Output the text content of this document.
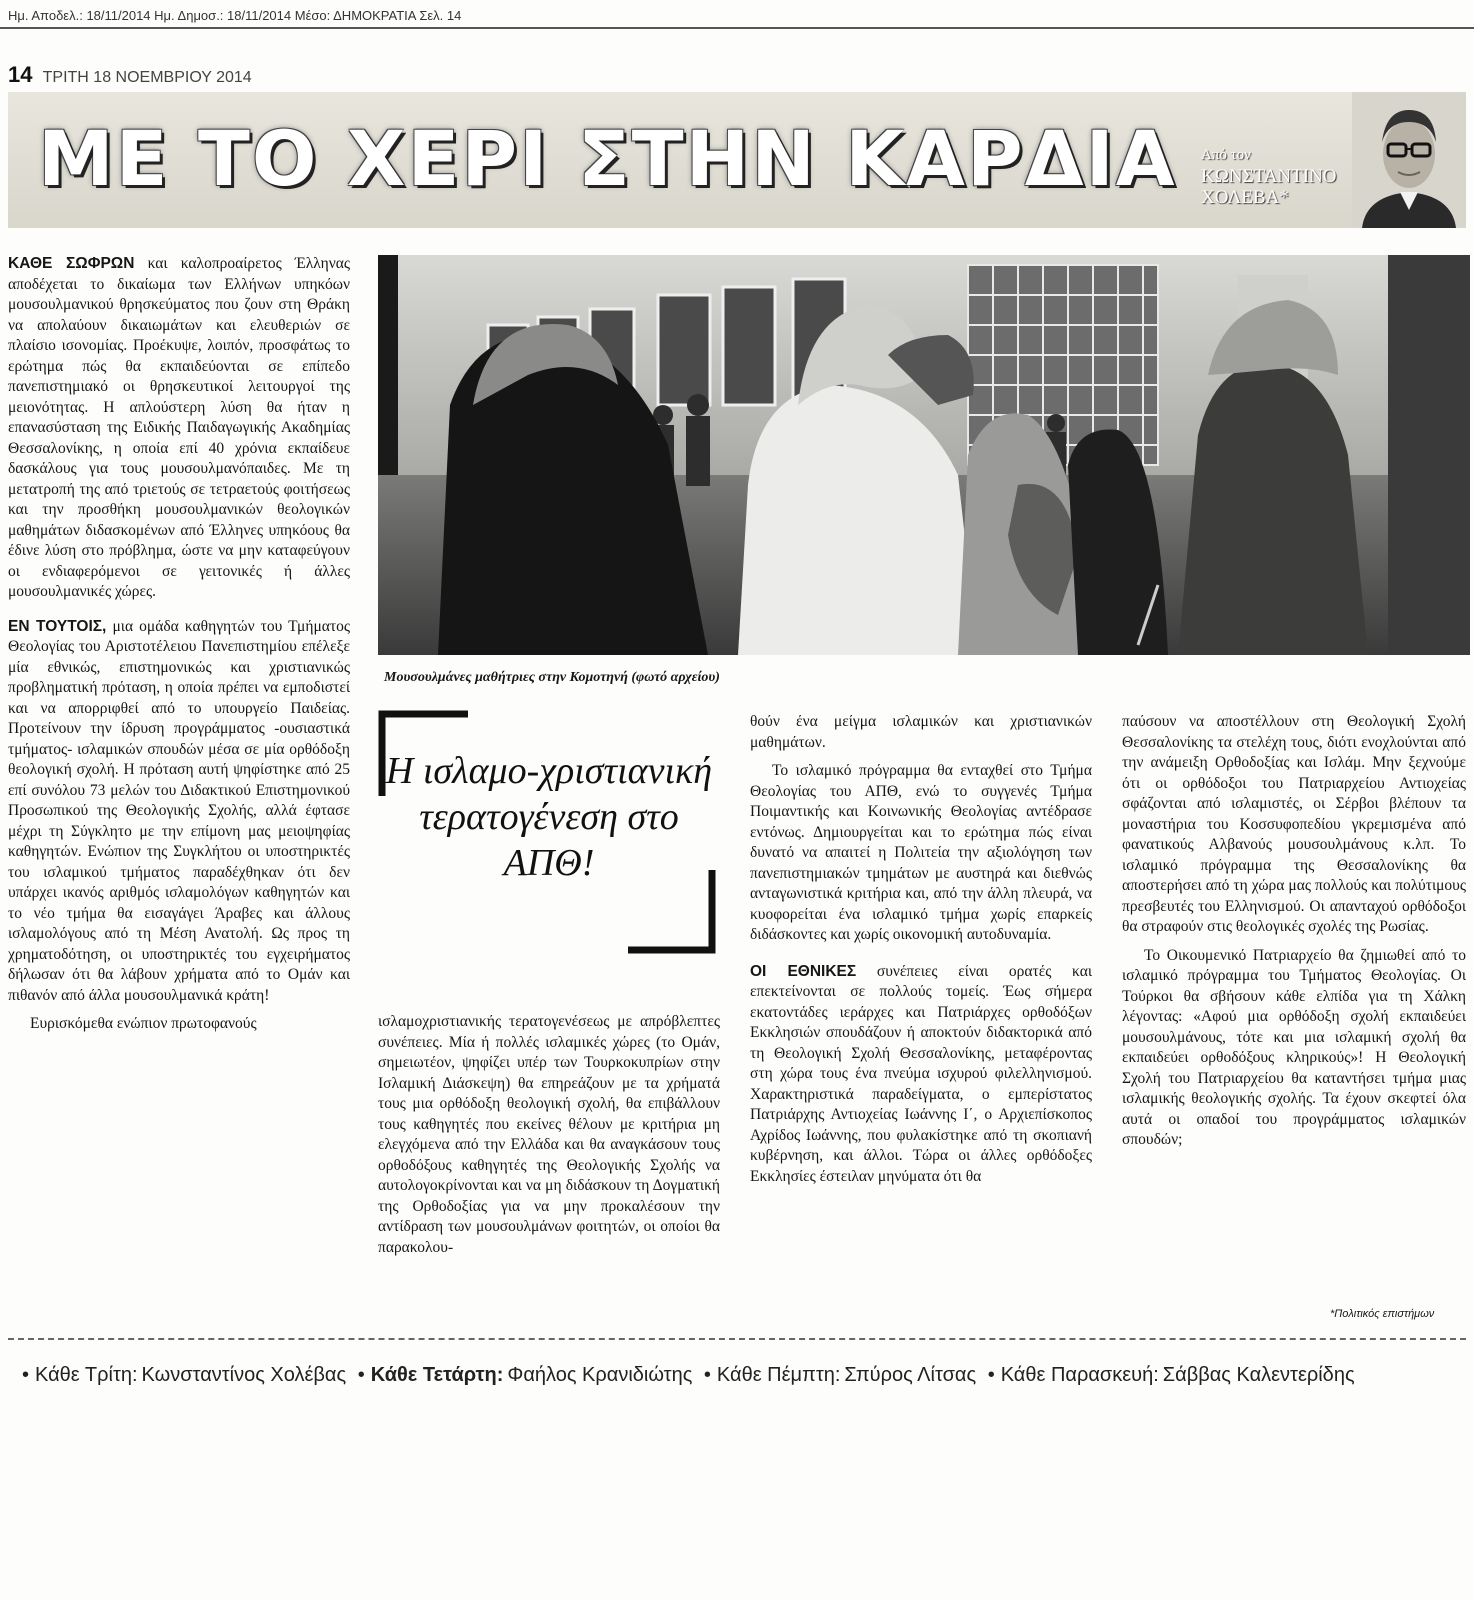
Ημ. Αποδελ.: 18/11/2014 Ημ. Δημοσ.: 18/11/2014 Μέσο: ΔΗΜΟΚΡΑΤΙΑ Σελ. 14
14 ΤΡΙΤΗ 18 ΝΟΕΜΒΡΙΟΥ 2014
ΜΕ ΤΟ ΧΕΡΙ ΣΤΗΝ ΚΑΡΔΙΑ Από τον
ΚΩΝΣΤΑΝΤΙΝΟ
ΧΟΛΕΒΑ*

ΚΑΘΕ ΣΩΦΡΩΝ και καλοπροαίρετος Έλληνας αποδέχεται το δικαίωμα των Ελλήνων υπηκόων μουσουλμανικού θρησκεύματος που ζουν στη Θράκη να απολαύουν δικαιωμάτων και ελευθεριών σε πλαίσιο ισονομίας. Προέκυψε, λοιπόν, προσφάτως το ερώτημα πώς θα εκπαιδεύονται σε επίπεδο πανεπιστημιακό οι θρησκευτικοί λειτουργοί της μειονότητας. Η απλούστερη λύση θα ήταν η επανασύσταση της Ειδικής Παιδαγωγικής Ακαδημίας Θεσσαλονίκης, η οποία επί 40 χρόνια εκπαίδευε δασκάλους για τους μουσουλμανόπαιδες. Με τη μετατροπή της από τριετούς σε τετραετούς φοιτήσεως και την προσθήκη μουσουλμανικών θεολογικών μαθημάτων διδασκομένων από Έλληνες υπηκόους θα έδινε λύση στο πρόβλημα, ώστε να μην καταφεύγουν οι ενδιαφερόμενοι σε γειτονικές ή άλλες μουσουλμανικές χώρες.

ΕΝ ΤΟΥΤΟΙΣ, μια ομάδα καθηγητών του Τμήματος Θεολογίας του Αριστοτέλειου Πανεπιστημίου επέλεξε μία εθνικώς, επιστημονικώς και χριστιανικώς προβληματική πρόταση, η οποία πρέπει να εμποδιστεί και να απορριφθεί από το υπουργείο Παιδείας. Προτείνουν την ίδρυση προγράμματος -ουσιαστικά τμήματος- ισλαμικών σπουδών μέσα σε μία ορθόδοξη θεολογική σχολή. Η πρόταση αυτή ψηφίστηκε από 25 επί συνόλου 73 μελών του Διδακτικού Επιστημονικού Προσωπικού της Θεολογικής Σχολής, αλλά έφτασε μέχρι τη Σύγκλητο με την επίμονη μας μειοψηφίας καθηγητών. Ενώπιον της Συγκλήτου οι υποστηρικτές του ισλαμικού τμήματος παραδέχθηκαν ότι δεν υπάρχει ικανός αριθμός ισλαμολόγων καθηγητών και το νέο τμήμα θα εισαγάγει Άραβες και άλλους ισλαμολόγους από τη Μέση Ανατολή. Ως προς τη χρηματοδότηση, οι υποστηρικτές του εγχειρήματος δήλωσαν ότι θα λάβουν χρήματα από το Ομάν και πιθανόν από άλλα μουσουλμανικά κράτη!

Ευρισκόμεθα ενώπιον πρωτοφανούς

Μουσουλμάνες μαθήτριες στην Κομοτηνή (φωτό αρχείου)
Η ισλαμο-χριστιανική τερατογένεση στο ΑΠΘ!

ισλαμοχριστιανικής τερατογενέσεως με απρόβλεπτες συνέπειες. Μία ή πολλές ισλαμικές χώρες (το Ομάν, σημειωτέον, ψηφίζει υπέρ των Τουρκοκυπρίων στην Ισλαμική Διάσκεψη) θα επηρεάζουν με τα χρήματά τους μια ορθόδοξη θεολογική σχολή, θα επιβάλλουν τους καθηγητές που εκείνες θέλουν με κριτήρια μη ελεγχόμενα από την Ελλάδα και θα αναγκάσουν τους ορθοδόξους καθηγητές της Θεολογικής Σχολής να αυτολογοκρίνονται και να μη διδάσκουν τη Δογματική της Ορθοδοξίας για να μην προκαλέσουν την αντίδραση των μουσουλμάνων φοιτητών, οι οποίοι θα παρακολου-

θούν ένα μείγμα ισλαμικών και χριστιανικών μαθημάτων.

Το ισλαμικό πρόγραμμα θα ενταχθεί στο Τμήμα Θεολογίας του ΑΠΘ, ενώ το συγγενές Τμήμα Ποιμαντικής και Κοινωνικής Θεολογίας αντέδρασε εντόνως. Δημιουργείται και το ερώτημα πώς είναι δυνατό να απαιτεί η Πολιτεία την αξιολόγηση των πανεπιστημιακών τμημάτων με αυστηρά και διεθνώς ανταγωνιστικά κριτήρια και, από την άλλη πλευρά, να κυοφορείται ένα ισλαμικό τμήμα χωρίς επαρκείς διδάσκοντες και χωρίς οικονομική αυτοδυναμία.

ΟΙ ΕΘΝΙΚΕΣ συνέπειες είναι ορατές και επεκτείνονται σε πολλούς τομείς. Έως σήμερα εκατοντάδες ιεράρχες και Πατριάρχες ορθοδόξων Εκκλησιών σπουδάζουν ή αποκτούν διδακτορικά από τη Θεολογική Σχολή Θεσσαλονίκης, μεταφέροντας στη χώρα τους ένα πνεύμα ισχυρού φιλελληνισμού. Χαρακτηριστικά παραδείγματα, ο εμπερίστατος Πατριάρχης Αντιοχείας Ιωάννης Ι΄, ο Αρχιεπίσκοπος Αχρίδος Ιωάννης, που φυλακίστηκε από τη σκοπιανή κυβέρνηση, και άλλοι. Τώρα οι άλλες ορθόδοξες Εκκλησίες έστειλαν μηνύματα ότι θα

παύσουν να αποστέλλουν στη Θεολογική Σχολή Θεσσαλονίκης τα στελέχη τους, διότι ενοχλούνται από την ανάμειξη Ορθοδοξίας και Ισλάμ. Μην ξεχνούμε ότι οι ορθόδοξοι του Πατριαρχείου Αντιοχείας σφάζονται από ισλαμιστές, οι Σέρβοι βλέπουν τα μοναστήρια του Κοσσυφοπεδίου γκρεμισμένα από φανατικούς Αλβανούς μουσουλμάνους κ.λπ. Το ισλαμικό πρόγραμμα της Θεσσαλονίκης θα αποστερήσει από τη χώρα μας πολλούς και πολύτιμους πρεσβευτές του Ελληνισμού. Οι απανταχού ορθόδοξοι θα στραφούν στις θεολογικές σχολές της Ρωσίας.

Το Οικουμενικό Πατριαρχείο θα ζημιωθεί από το ισλαμικό πρόγραμμα του Τμήματος Θεολογίας. Οι Τούρκοι θα σβήσουν κάθε ελπίδα για τη Χάλκη λέγοντας: «Αφού μια ορθόδοξη σχολή εκπαιδεύει μουσουλμάνους, τότε και μια ισλαμική σχολή θα εκπαιδεύει ορθοδόξους κληρικούς»! Η Θεολογική Σχολή του Πατριαρχείου θα καταντήσει τμήμα μιας ισλαμικής θεολογικής σχολής. Τα έχουν σκεφτεί όλα αυτά οι οπαδοί του προγράμματος ισλαμικών σπουδών;

*Πολιτικός επιστήμων
• Κάθε Τρίτη: Κωνσταντίνος Χολέβας • Κάθε Τετάρτη: Φαήλος Κρανιδιώτης • Κάθε Πέμπτη: Σπύρος Λίτσας • Κάθε Παρασκευή: Σάββας Καλεντερίδης
